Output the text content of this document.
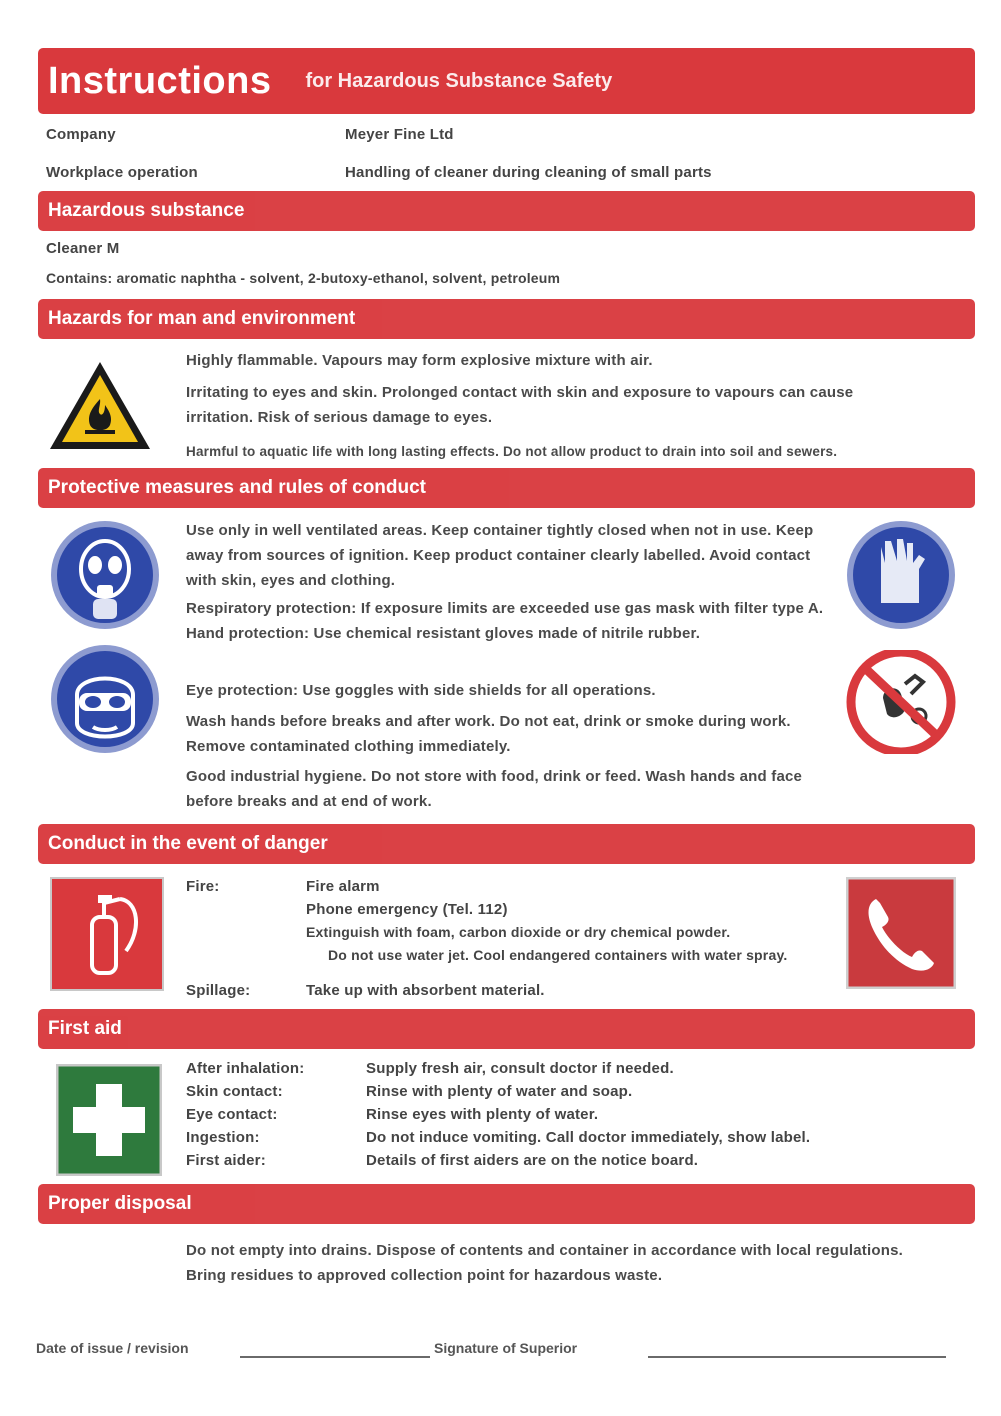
Instructions for Hazardous Substance Safety
Company	Meyer Fine Ltd
Workplace operation	Handling of cleaner during cleaning of small parts
Hazardous substance
Cleaner M
Contains: aromatic naphtha - solvent, 2-butoxy-ethanol, solvent, petroleum
Hazards for man and environment
Highly flammable. Vapours may form explosive mixture with air.
Irritating to eyes and skin. Prolonged contact with skin and exposure to vapours can cause irritation. Risk of serious damage to eyes.
Harmful to aquatic life with long lasting effects. Do not allow product to drain into soil and sewers.
Protective measures and rules of conduct
Use only in well ventilated areas. Keep container tightly closed when not in use. Keep away from sources of ignition. Keep product container clearly labelled. Avoid contact with skin, eyes and clothing.
Respiratory protection: If exposure limits are exceeded use gas mask with filter type A. Hand protection: Use chemical resistant gloves made of nitrile rubber.
Eye protection: Use goggles with side shields for all operations.
Wash hands before breaks and after work. Do not eat, drink or smoke during work. Remove contaminated clothing immediately.
Good industrial hygiene. Do not store with food, drink or feed. Wash hands and face before breaks and at end of work.
Conduct in the event of danger
Fire:	Fire alarm
Phone emergency (Tel. 112)
Extinguish with foam, carbon dioxide or dry chemical powder.
Do not use water jet. Cool endangered containers with water spray.
Spillage:	Take up with absorbent material.
First aid
After inhalation:	Supply fresh air, consult doctor if needed.
Skin contact:	Rinse with plenty of water and soap.
Eye contact:	Rinse eyes with plenty of water.
Ingestion:	Do not induce vomiting. Call doctor immediately, show label.
First aider:	Details of first aiders are on the notice board.
Proper disposal
Do not empty into drains. Dispose of contents and container in accordance with local regulations. Bring residues to approved collection point for hazardous waste.
Date of issue / revision	Signature of Superior
